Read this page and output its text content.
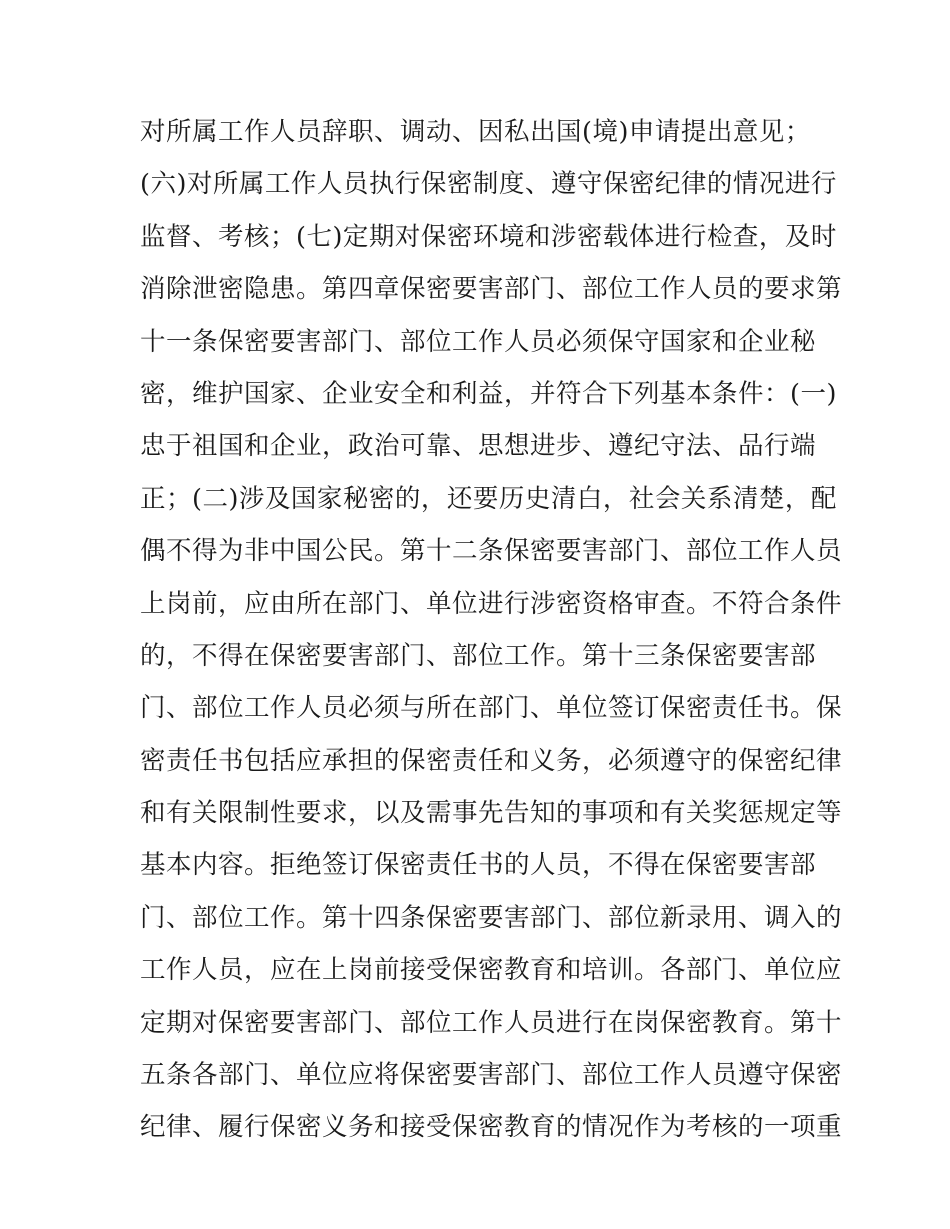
对所属工作人员辞职、调动、因私出国(境)申请提出意见；
(六)对所属工作人员执行保密制度、遵守保密纪律的情况进行
监督、考核；(七)定期对保密环境和涉密载体进行检查，及时
消除泄密隐患。第四章保密要害部门、部位工作人员的要求第
十一条保密要害部门、部位工作人员必须保守国家和企业秘
密，维护国家、企业安全和利益，并符合下列基本条件：(一)
忠于祖国和企业，政治可靠、思想进步、遵纪守法、品行端
正；(二)涉及国家秘密的，还要历史清白，社会关系清楚，配
偶不得为非中国公民。第十二条保密要害部门、部位工作人员
上岗前，应由所在部门、单位进行涉密资格审查。不符合条件
的，不得在保密要害部门、部位工作。第十三条保密要害部
门、部位工作人员必须与所在部门、单位签订保密责任书。保
密责任书包括应承担的保密责任和义务，必须遵守的保密纪律
和有关限制性要求，以及需事先告知的事项和有关奖惩规定等
基本内容。拒绝签订保密责任书的人员，不得在保密要害部
门、部位工作。第十四条保密要害部门、部位新录用、调入的
工作人员，应在上岗前接受保密教育和培训。各部门、单位应
定期对保密要害部门、部位工作人员进行在岗保密教育。第十
五条各部门、单位应将保密要害部门、部位工作人员遵守保密
纪律、履行保密义务和接受保密教育的情况作为考核的一项重
